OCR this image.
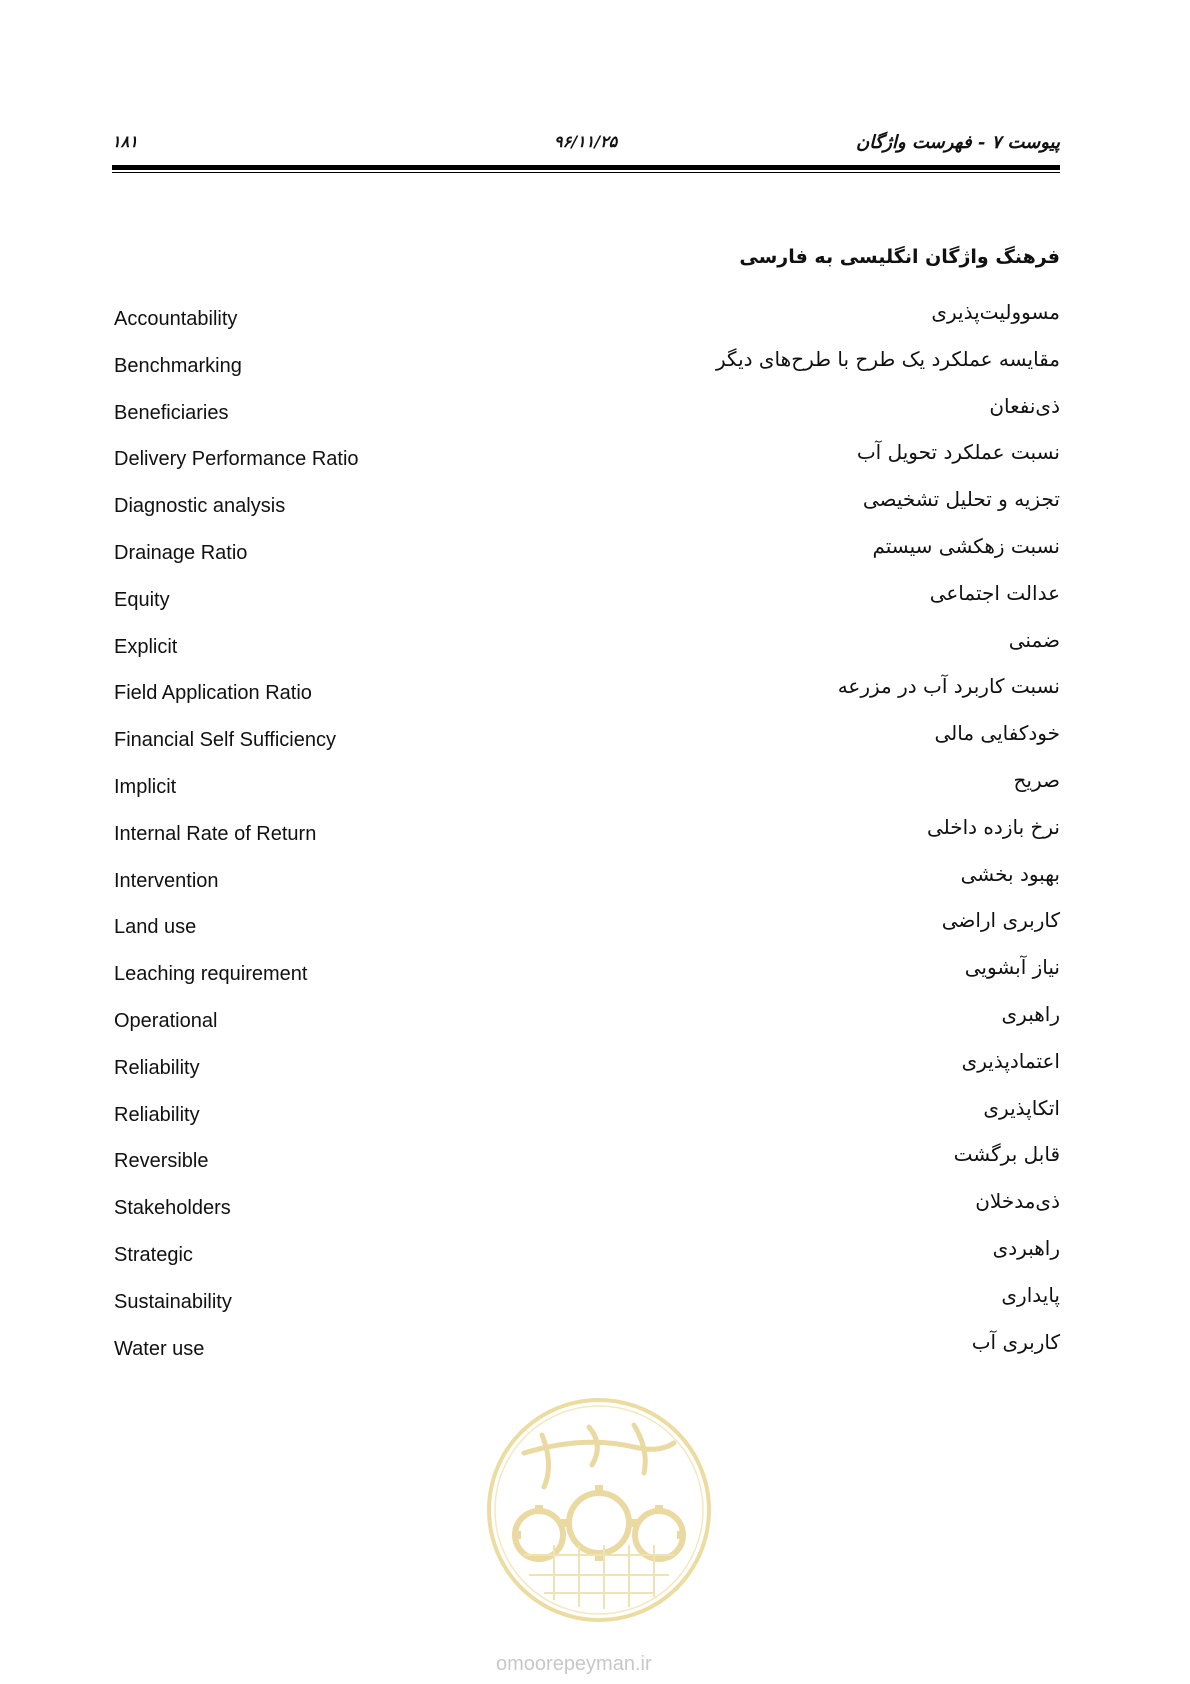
پیوست ۷ - فهرست واژگان
۹۶/۱۱/۲۵
۱۸۱
فرهنگ واژگان انگلیسی به فارسی
Accountability	مسوولیت‌پذیری
Benchmarking	مقایسه عملکرد یک طرح با طرح‌های دیگر
Beneficiaries	ذی‌نفعان
Delivery Performance Ratio	نسبت عملکرد تحویل آب
Diagnostic analysis	تجزیه و تحلیل تشخیصی
Drainage Ratio	نسبت زهکشی سیستم
Equity	عدالت اجتماعی
Explicit	ضمنی
Field Application Ratio	نسبت کاربرد آب در مزرعه
Financial Self Sufficiency	خودکفایی مالی
Implicit	صریح
Internal Rate of Return	نرخ بازده داخلی
Intervention	بهبود بخشی
Land use	کاربری اراضی
Leaching requirement	نیاز آبشویی
Operational	راهبری
Reliability	اعتمادپذیری
Reliability	اتکاپذیری
Reversible	قابل برگشت
Stakeholders	ذی‌مدخلان
Strategic	راهبردی
Sustainability	پایداری
Water use	کاربری آب
omoorepeyman.ir
